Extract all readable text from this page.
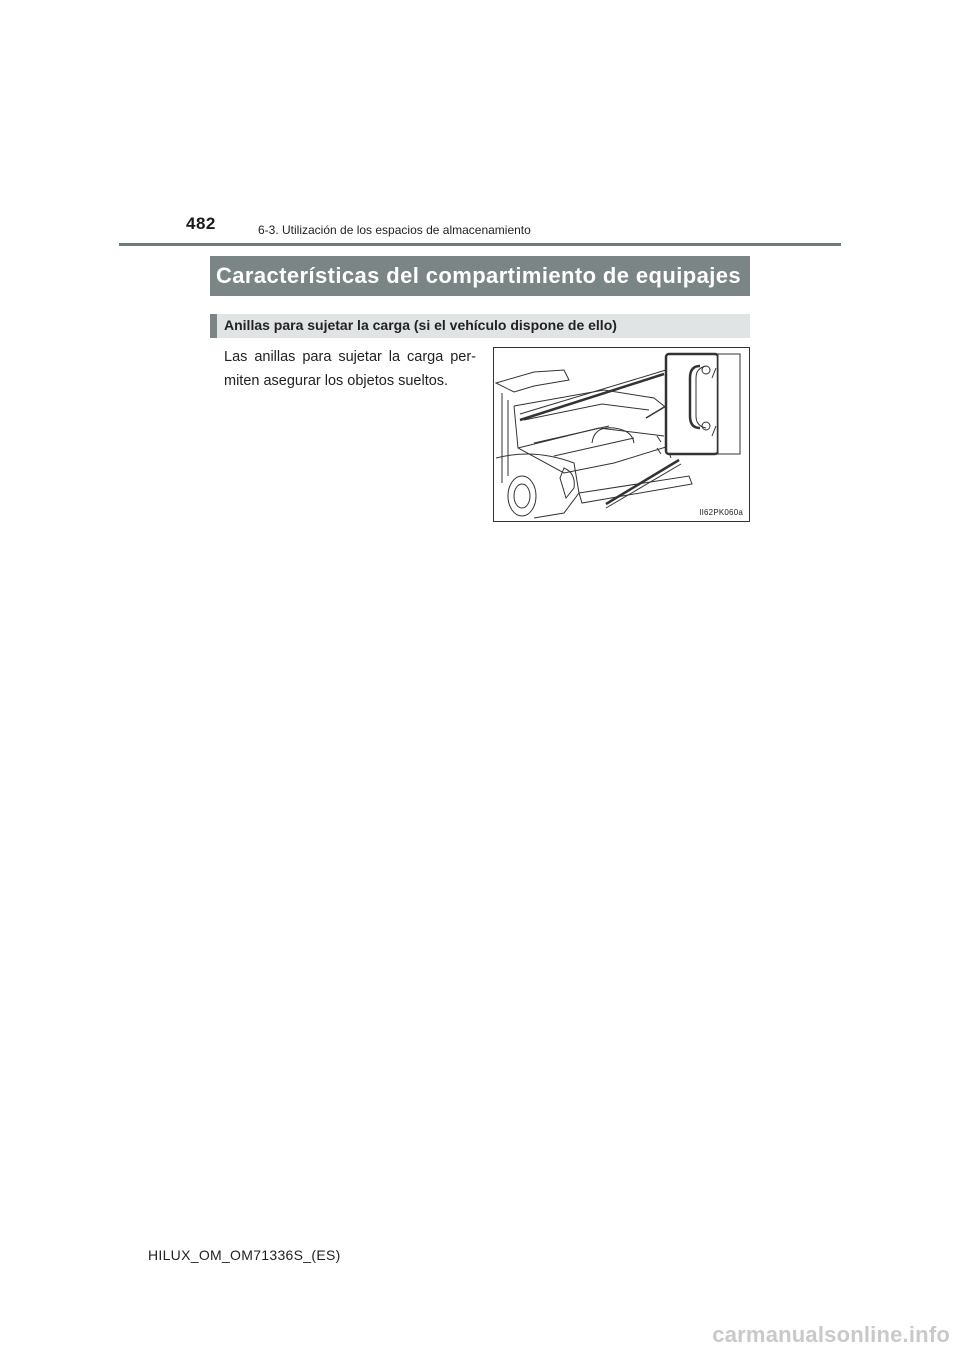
482	6-3. Utilización de los espacios de almacenamiento
Características del compartimiento de equipajes
Anillas para sujetar la carga (si el vehículo dispone de ello)
Las anillas para sujetar la carga per-miten asegurar los objetos sueltos.
II62PK060a
HILUX_OM_OM71336S_(ES)
carmanualsonline.info
